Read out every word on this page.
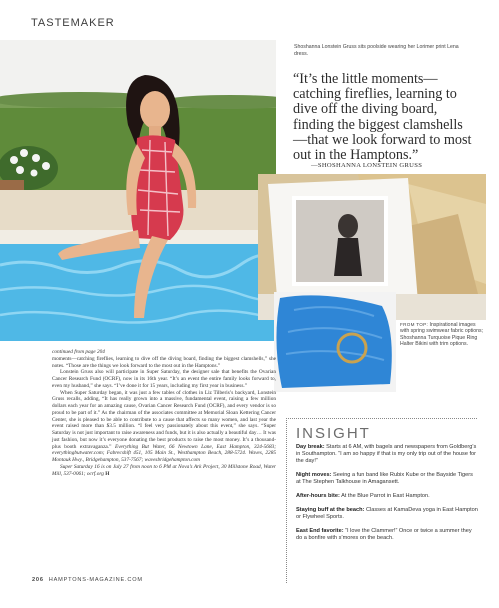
TASTEMAKER
Shoshanna Lonstein Gruss sits poolside wearing her Lorimer print Lena dress.
“It’s the little moments— catching fireflies, learning to dive off the diving board, finding the biggest clamshells—that we look forward to most out in the Hamptons.”
—SHOSHANNA LONSTEIN GRUSS
FROM TOP: Inspirational images with spring swimwear fabric options; Shoshanna Turquoise Pique Ring Halter Bikini with trim options.

continued from page 204

moments—catching fireflies, learning to dive off the diving board, finding the biggest clamshells,” she notes. “Those are the things we look forward to the most out in the Hamptons.”

Lonstein Gruss also will participate in Super Saturday, the designer sale that benefits the Ovarian Cancer Research Fund (OCRF), now in its 16th year. “It’s an event the entire family looks forward to, even my husband,” she says. “I’ve done it for 15 years, including my first year in business.”

When Super Saturday began, it was just a few tables of clothes in Liz Tilberis’s backyard, Lonstein Gruss recalls, adding, “It has really grown into a massive, fundamental event, raising a few million dollars each year for an amazing cause, Ovarian Cancer Research Fund (OCRF), and every vendor is so proud to be part of it.” As the chairman of the associates committee at Memorial Sloan Kettering Cancer Center, she is pleased to be able to contribute to a cause that affects so many women, and last year the event raised more than $3.5 million. “I feel very passionately about this event,” she says. “Super Saturday is not just important to raise awareness and funds, but it is also actually a beautiful day… It was just fashion, but now it’s everyone donating the best products to raise the most money. It’s a thousand-plus booth extravaganza.” Everything But Water, 66 Newtown Lane, East Hampton, 324-5683; everythingbutwater.com; Fabrecshift 451, 105 Main St., Westhampton Beach, 288-5724. Waves, 2285 Montauk Hwy., Bridgehampton, 537-7567; wavesbridgehampton.com

Super Saturday 16 is on July 27 from noon to 6 PM at Nova’s Ark Project, 30 Millstone Road, Water Mill, 537-0061; ocrf.org H

INSIGHT
Day break: Starts at 6 AM, with bagels and newspapers from Goldberg’s in Southampton. “I am so happy if that is my only trip out of the house for the day!”
Night moves: Seeing a fun band like Rubix Kube or the Bayside Tigers at The Stephen Talkhouse in Amagansett.
After-hours bite: At the Blue Parrot in East Hampton.
Staying buff at the beach: Classes at KamaDeva yoga in East Hampton or Flywheel Sports.
East End favorite: “I love the Clammer!” Once or twice a summer they do a bonfire with s’mores on the beach.
206 HAMPTONS-MAGAZINE.COM
